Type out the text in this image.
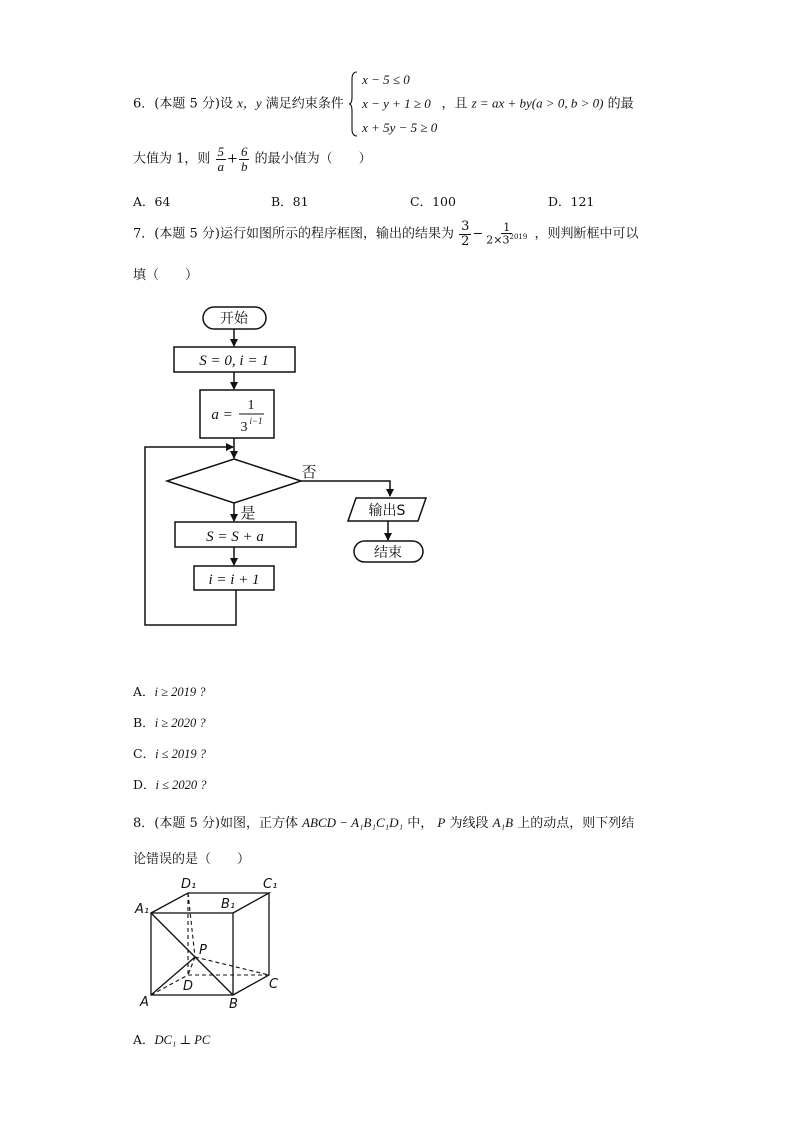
6．(本题 5 分)设 x，y 满足约束条件
x − 5 ≤ 0
x − y + 1 ≥ 0
x + 5y − 5 ≥ 0
，且 z = ax + by(a > 0, b > 0) 的最
大值为 1，则 $\frac{5}{a} + \frac{6}{b}$ 的最小值为（　　）
A．64	B．81	C．100	D．121
7．(本题 5 分)运行如图所示的程序框图，输出的结果为 $\frac{3}{2} - \frac{1}{2\times 3^{2019}}$ ，则判断框中可以
填（　　）
开始
S = 0, i = 1
a =
1
3 i−1
否
是
S = S + a
i = i + 1
输出S
结束
A．i ≥ 2019 ?
B．i ≥ 2020 ?
C．i ≤ 2019 ?
D．i ≤ 2020 ?
8．(本题 5 分)如图，正方体 ABCD − A₁B₁C₁D₁ 中， P 为线段 A₁B 上的动点，则下列结
论错误的是（　　）
D₁	C₁
A₁	B₁
P
D
A	B
C
A．DC₁ ⊥ PC
